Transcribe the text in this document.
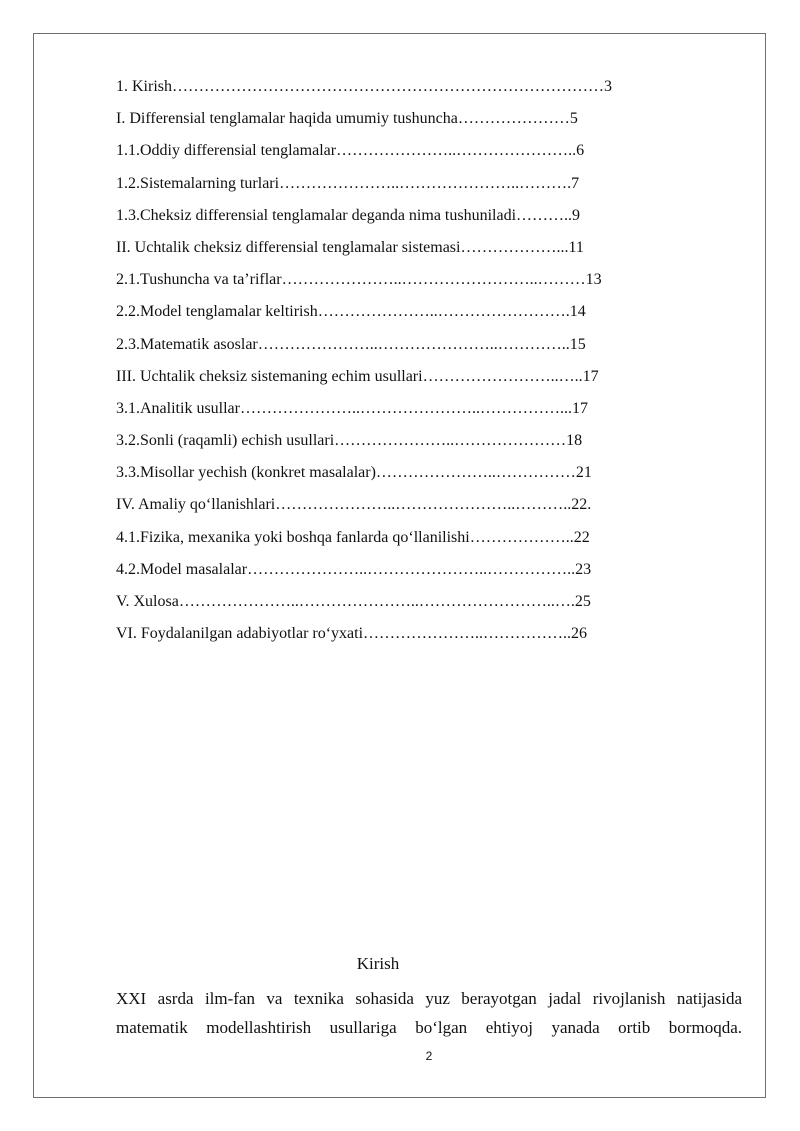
1. Kirish………………………………………………………………………3
I. Differensial tenglamalar haqida umumiy tushuncha…………………5
1.1.Oddiy differensial tenglamalar…………………..…………………..6
1.2.Sistemalarning turlari…………………..…………………..……….7
1.3.Cheksiz differensial tenglamalar deganda nima tushuniladi………..9
II. Uchtalik cheksiz differensial tenglamalar sistemasi………………...11
2.1.Tushuncha va ta’riflar…………………..……………………..………13
2.2.Model tenglamalar keltirish…………………..…………………….14
2.3.Matematik asoslar…………………..…………………..…………..15
III. Uchtalik cheksiz sistemaning echim usullari……………………..…..17
3.1.Analitik usullar…………………..…………………..……………...17
3.2.Sonli (raqamli) echish usullari…………………..…………………18
3.3.Misollar yechish (konkret masalalar)…………………..……………21
IV. Amaliy qo‘llanishlari…………………..…………………..………..22.
4.1.Fizika, mexanika yoki boshqa fanlarda qo‘llanilishi………………..22
4.2.Model masalalar…………………..…………………..……………..23
V. Xulosa…………………..…………………..……………………..….25
VI. Foydalanilgan adabiyotlar ro‘yxati…………………..……………..26
Kirish

XXI asrda ilm-fan va texnika sohasida yuz berayotgan jadal rivojlanish natijasida matematik modellashtirish usullariga bo‘lgan ehtiyoj yanada ortib bormoqda.

2
